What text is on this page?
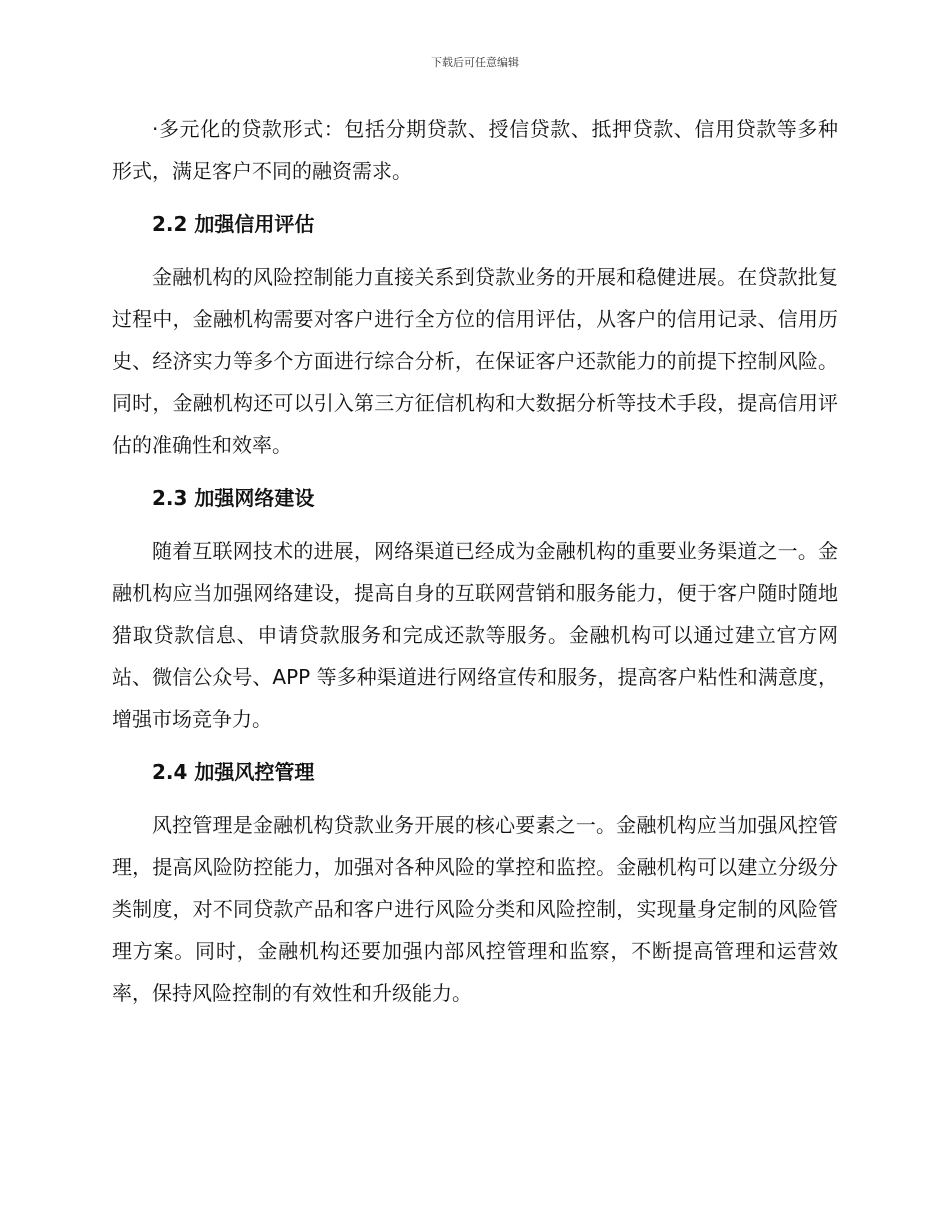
下载后可任意编辑

·多元化的贷款形式：包括分期贷款、授信贷款、抵押贷款、信用贷款等多种形式，满足客户不同的融资需求。

2.2 加强信用评估

金融机构的风险控制能力直接关系到贷款业务的开展和稳健进展。在贷款批复过程中，金融机构需要对客户进行全方位的信用评估，从客户的信用记录、信用历史、经济实力等多个方面进行综合分析，在保证客户还款能力的前提下控制风险。同时，金融机构还可以引入第三方征信机构和大数据分析等技术手段，提高信用评估的准确性和效率。

2.3 加强网络建设

随着互联网技术的进展，网络渠道已经成为金融机构的重要业务渠道之一。金融机构应当加强网络建设，提高自身的互联网营销和服务能力，便于客户随时随地猎取贷款信息、申请贷款服务和完成还款等服务。金融机构可以通过建立官方网站、微信公众号、APP 等多种渠道进行网络宣传和服务，提高客户粘性和满意度，增强市场竞争力。

2.4 加强风控管理

风控管理是金融机构贷款业务开展的核心要素之一。金融机构应当加强风控管理，提高风险防控能力，加强对各种风险的掌控和监控。金融机构可以建立分级分类制度，对不同贷款产品和客户进行风险分类和风险控制，实现量身定制的风险管理方案。同时，金融机构还要加强内部风控管理和监察，不断提高管理和运营效率，保持风险控制的有效性和升级能力。
